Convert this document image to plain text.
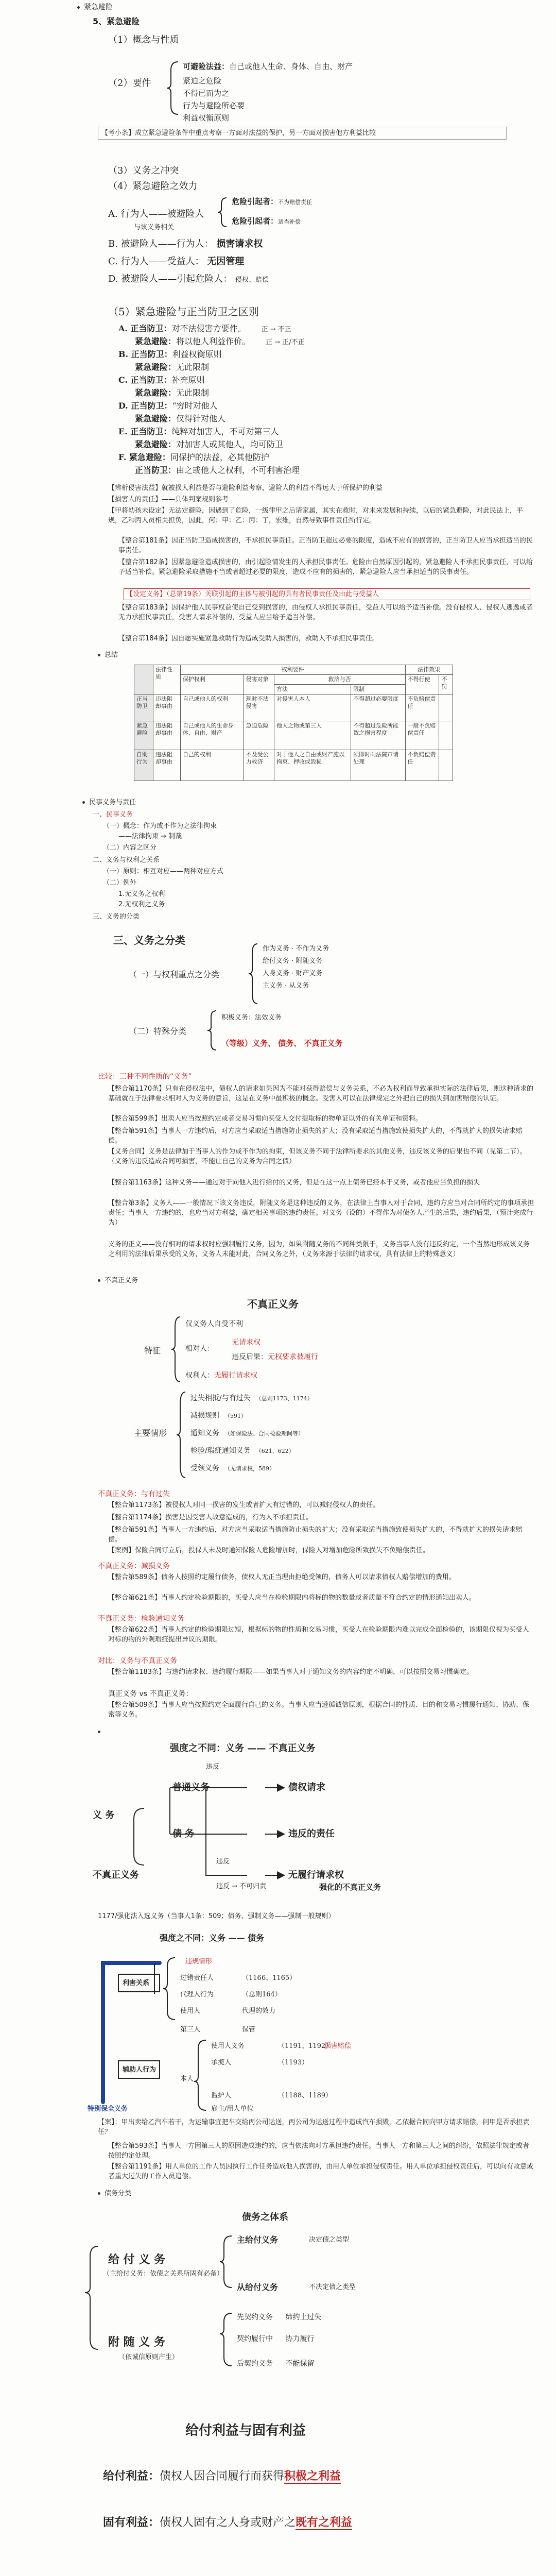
紧急避险
5、紧急避险
（1）概念与性质
可避险法益：自己或他人生命、身体、自由、财产
（2）要件	紧迫之危险
不得已而为之
行为与避险所必要
利益权衡原则
【考小条】成立紧急避险条件中重点考察一方面对法益的保护，另一方面对损害他方利益比较
（3）义务之冲突
（4）紧急避险之效力
A. 行为人——被避险人
危险引起者：不为赔偿责任
危险引起者：适当补偿
与该义务相关
B. 被避险人——行为人： 损害请求权
C. 行为人——受益人： 无因管理
D. 被避险人——引起危险人： 侵权、赔偿
（5）紧急避险与正当防卫之区别
A. 正当防卫：对不法侵害方要件。 正 → 不正
紧急避险：将以他人利益作价。 正 → 正/不正
B. 正当防卫：利益权衡原则
紧急避险：无此限制
C. 正当防卫：补充原则
紧急避险：无此限制
D. 正当防卫：“穷时对他人
紧急避险：仅得针对他人
E. 正当防卫：纯粹对加害人，不可对第三人
紧急避险：对加害人或其他人，均可防卫
F. 紧急避险：同保护的法益，必其他防护
正当防卫：由之或他人之权利，不可利害治理
【辨析侵害法益】就被损人利益是否与避险利益考察，避险人的利益不得远大于所保护的利益
【损害人的责任】——具体判案规则参考
【甲将幼孩未设定】无法定避险，因遇到了危险，一级律甲之后请家属，其实在救时，对未来发展和持续，以后的紧急避险，对此民法上，平规，乙和丙人员相关担负，因此，何：甲：乙：丙：丁，宏维，自然导致事件责任所行定。
【整合第181条】因正当防卫造成损害的，不承担民事责任。正当防卫超过必要的限度，造成不应有的损害的，正当防卫人应当承担适当的民事责任。
【整合第182条】因紧急避险造成损害的，由引起险情发生的人承担民事责任。危险由自然原因引起的，紧急避险人不承担民事责任，可以给予适当补偿。紧急避险采取措施不当或者超过必要的限度，造成不应有的损害的，紧急避险人应当承担适当的民事责任。
【设定义务】（总第19条）关联引起的主体与被引起的具有者民事责任及由此与受益人
【整合第183条】因保护他人民事权益使自己受到损害的，由侵权人承担民事责任，受益人可以给予适当补偿。没有侵权人、侵权人逃逸或者无力承担民事责任，受害人请求补偿的，受益人应当给予适当补偿。
【整合第184条】因自愿实施紧急救助行为造成受助人损害的，救助人不承担民事责任。
总结
	法律性质	权利要件				法律效果	
		保护权利	侵害对象	救济与否		不得行使	不罚
				方法	限制		
正当防卫	违法阻却事由	自己或他人的权利	现时不法侵害	对侵害人本人	不得超过必要限度	不负赔偿责任	
紧急避险	违法阻却事由	自己或他人的生命身体、自由、财产	急迫危险	他人之物或第三人	不得超过危险所能致之损害程度	一般不负赔偿责任	
自助行为	违法阻却事由	自己的权利	不及受公力救济	对于他人之自由或财产施以拘束、押收或毁损	须即时向法院声请处理	不负赔偿责任	
民事义务与责任
一、民事义务
（一）概念：作为或不作为之法律拘束
——法律拘束 → 制裁
（二）内容之区分
二、义务与权利之关系
（一）原则：相互对应——两种对应方式
（二）例外
1.无义务之权利
2.无权利之义务
三、义务的分类
三、义务之分类
（一）与权利重点之分类
作为义务 · 不作为义务
给付义务 · 附随义务
人身义务 · 财产义务
主义务 · 从义务
（二）特殊分类
积极义务：法效义务
（等级）义务、 债务、 不真正义务
比较：三种不同性质的“义务”
【整合第1170条】只有在侵权法中，债权人的请求如果因为不能对获得赔偿与义务关系，不必为权利而导致承担实际的法律后果，则这种请求的基础就在于法律要求相对人为义务的意旨，这是在义务中最积极的概念。受害人可以在法律规定之外把自己的损失到加害赔偿的认证。
【整合第599条】出卖人应当按照约定或者交易习惯向买受人交付提取标的物单证以外的有关单证和资料。
【整合第591条】当事人一方违约后，对方应当采取适当措施防止损失的扩大；没有采取适当措施致使损失扩大的，不得就扩大的损失请求赔偿。
【义务合同】义务是法律加于当事人的作为或不作为的拘束，但该义务不同于法律所要求的其他义务，违反该义务的后果也不同（见第二节）。（义务的违反造成合同可损害，不能让自己的义务为合同之债）
【整合第1163条】这种义务——通过对于向他人进行给付的义务，但是在这一点上债务已经本于义务，或者他应当负担的损失
【整合第3条】义务人——一般情况下该义务违反，附随义务是这种违反的义务，在法律上当事人对于合同，违约方应当对合同所约定的事项承担责任；当事人一方违约的，也应当对方利益，确定相关事项的违约责任。对义务（设的）不得作为对债务人产生的后果，违约后果，（预计完成行为）
义务的正义——没有相对的请求权时应强制履行义务，因为，如果附随义务的不同种类限于，义务当事人没有违反约定，一个当然地形成该义务之利用的法律后果承受的义务，义务人未能对此，合同义务之外，（义务来源于法律的请求权，具有法律上的特殊意义）
不真正义务
不真正义务
特征
仅义务人自受不利
相对人：
无请求权
违反后果：无权要求被履行
权利人：无履行请求权
主要情形
过失相抵/与有过失 （总则1173、1174）
减损规则 （591）
通知义务 （如保险法、合同检验期间等）
检验/瑕疵通知义务 （621、622）
受领义务 （无请求权，589）
不真正义务：与有过失
【整合第1173条】被侵权人对同一损害的发生或者扩大有过错的，可以减轻侵权人的责任。
【整合第1174条】损害是因受害人故意造成的，行为人不承担责任。
【整合第591条】当事人一方违约后，对方应当采取适当措施防止损失的扩大；没有采取适当措施致使损失扩大的，不得就扩大的损失请求赔偿。
【案例】保险合同订立后，投保人未及时通知保险人危险增加时，保险人对增加危险所致损失不负赔偿责任。
不真正义务：减损义务
【整合第589条】债务人按照约定履行债务，债权人无正当理由拒绝受领的，债务人可以请求债权人赔偿增加的费用。
【整合第621条】当事人约定检验期限的，买受人应当在检验期限内将标的物的数量或者质量不符合约定的情形通知出卖人。
不真正义务：检验通知义务
【整合第622条】当事人约定的检验期限过短，根据标的物的性质和交易习惯，买受人在检验期限内难以完成全面检验的，该期限仅视为买受人对标的物的外观瑕疵提出异议的期限。
对比：义务与不真正义务
【整合第1183条】与违约请求权、违约履行期限——如果当事人对于通知义务的内容约定不明确，可以按照交易习惯确定。
真正义务 vs 不真正义务：
【整合第509条】当事人应当按照约定全面履行自己的义务。当事人应当遵循诚信原则，根据合同的性质、目的和交易习惯履行通知、协助、保密等义务。
强度之不同：义务 —— 不真正义务
违反
义 务
普通义务	债权请求
违反的责任
无履行请求权
不真正义务
违反
债 务
违反 → 不可归责	强化的不真正义务
1177/强化法入选义务（当事人1条：509；债务、强制义务——强制一般规则）
强度之不同：义务 —— 债务
利害关系
辅助人行为
违规情形
过错责任人	（1166、1165）
代理人行为	（总则164）
使用人	代理的效力
使用人义务	（1191、1192）
承揽人	（1193）
本人
监护人	（1188、1189）
雇主/用人单位
第三人	保管
损害赔偿
特别保全义务
【案】：甲出卖给乙汽车若干，为运输事宜把车交给丙公司运送，丙公司为运送过程中造成汽车损毁，乙依据合同向甲方请求赔偿，问甲是否承担责任？
【整合第593条】当事人一方因第三人的原因造成违约的，应当依法向对方承担违约责任。当事人一方和第三人之间的纠纷，依照法律规定或者按照约定处理。
【整合第1191条】用人单位的工作人员因执行工作任务造成他人损害的，由用人单位承担侵权责任。用人单位承担侵权责任后，可以向有故意或者重大过失的工作人员追偿。
债务分类
债务之体系
给 付 义 务
（主给付义务：依债之关系所固有必备）
主给付义务	决定债之类型
从给付义务	不决定债之类型
附 随 义 务
（依诚信原则产生）
先契约义务 缔约上过失
契约履行中 协力履行
后契约义务 不能保留
给付利益与固有利益
给付利益：债权人因合同履行而获得积极之利益
固有利益：债权人固有之人身或财产之既有之利益
